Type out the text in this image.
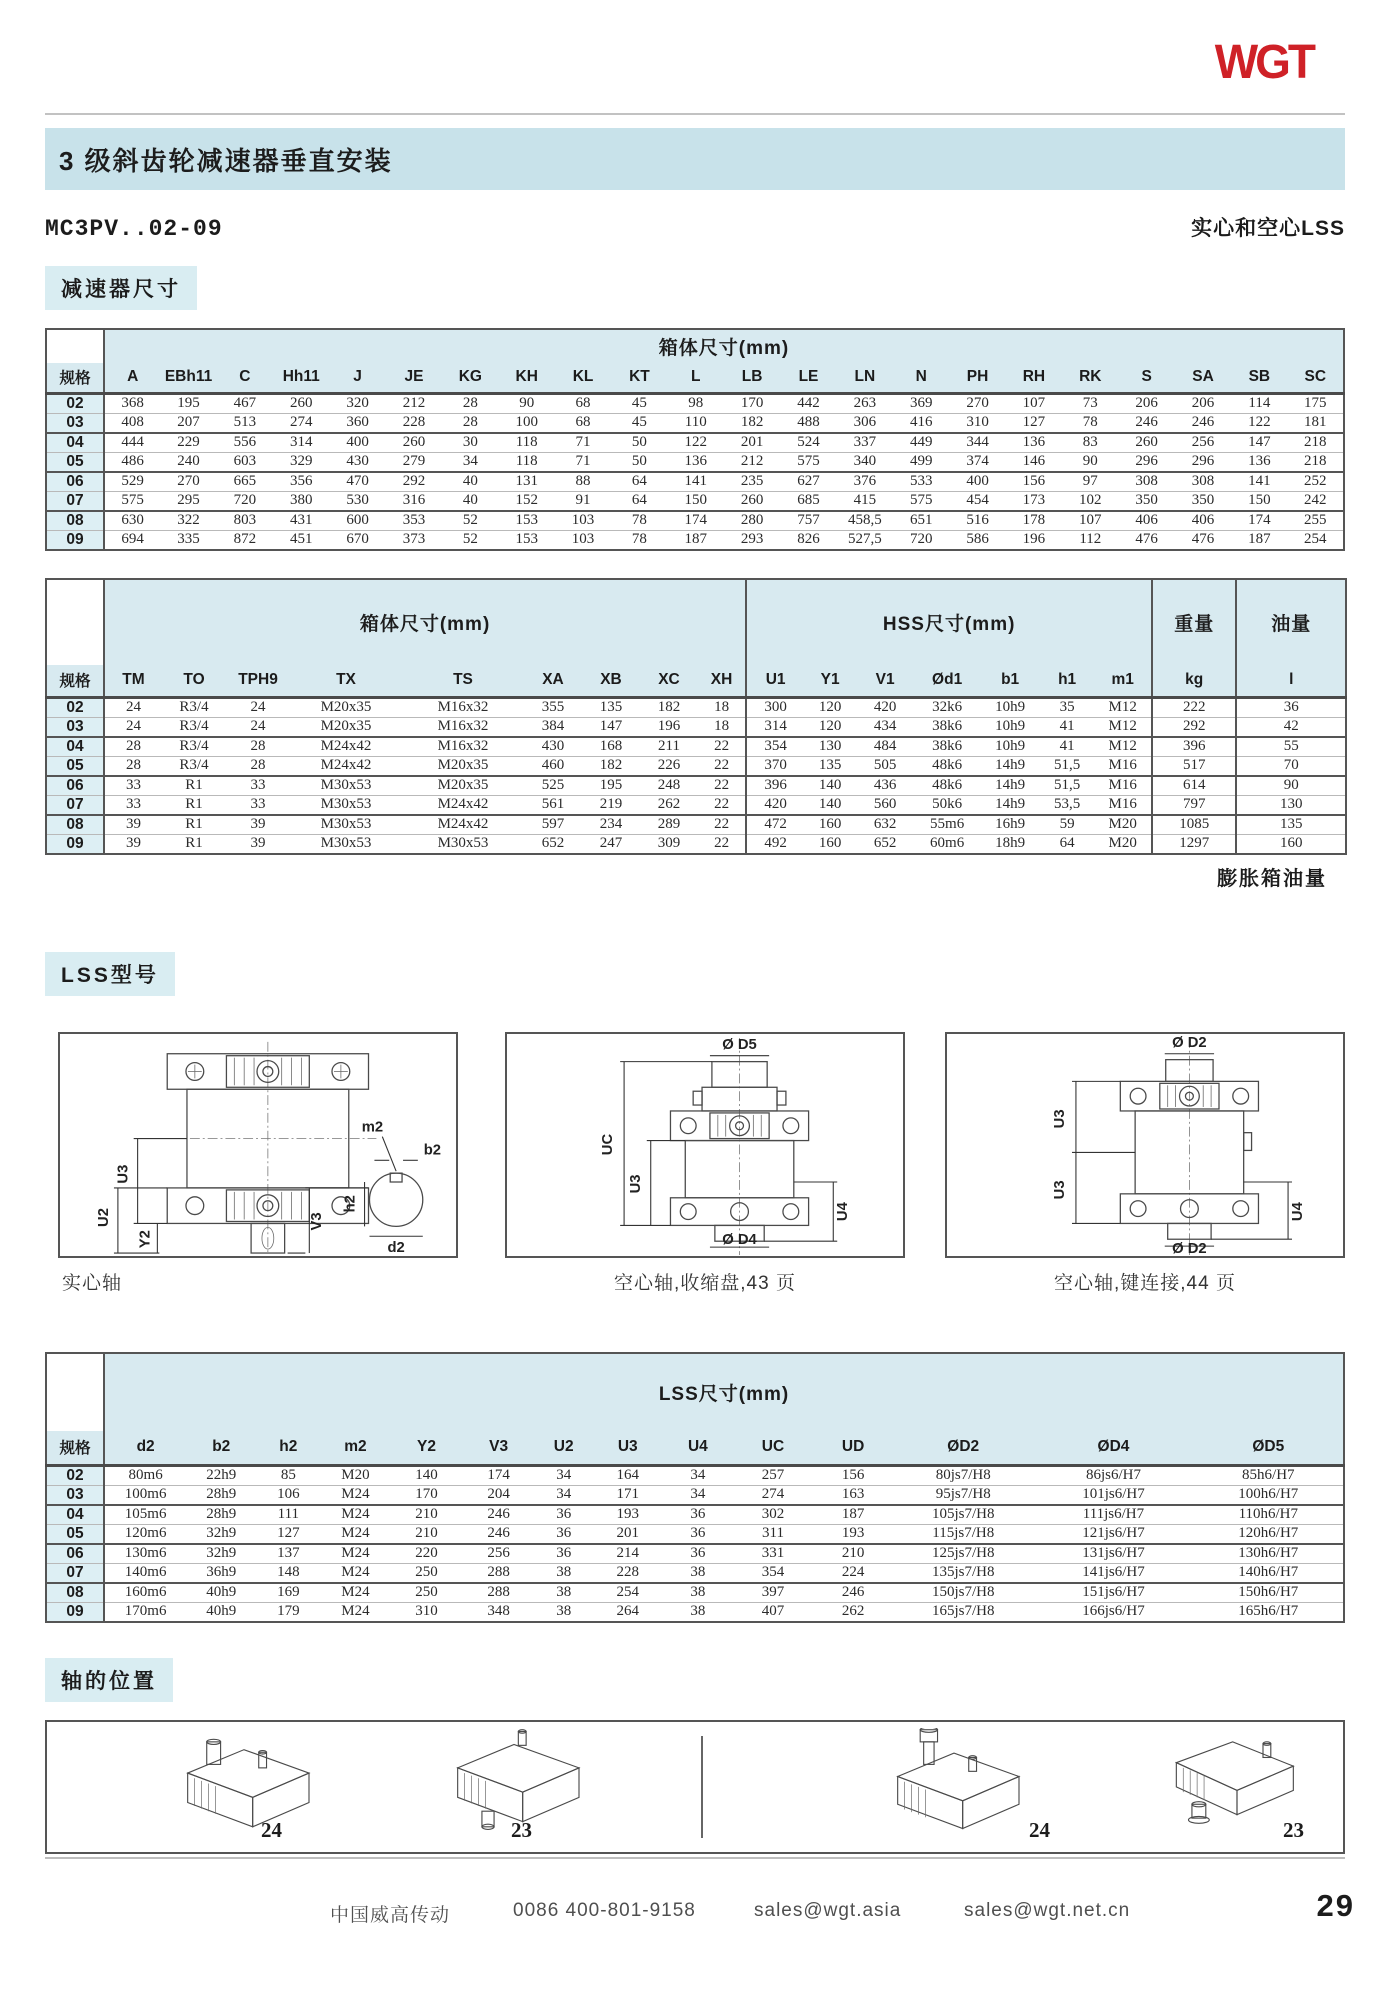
WGT
3 级斜齿轮减速器垂直安装
MC3PV..02-09	实心和空心LSS
减速器尺寸
	箱体尺寸(mm)																					
规格	A	EBh11	C	Hh11	J	JE	KG	KH	KL	KT	L	LB	LE	LN	N	PH	RH	RK	S	SA	SB	SC
02	368	195	467	260	320	212	28	90	68	45	98	170	442	263	369	270	107	73	206	206	114	175
03	408	207	513	274	360	228	28	100	68	45	110	182	488	306	416	310	127	78	246	246	122	181
04	444	229	556	314	400	260	30	118	71	50	122	201	524	337	449	344	136	83	260	256	147	218
05	486	240	603	329	430	279	34	118	71	50	136	212	575	340	499	374	146	90	296	296	136	218
06	529	270	665	356	470	292	40	131	88	64	141	235	627	376	533	400	156	97	308	308	141	252
07	575	295	720	380	530	316	40	152	91	64	150	260	685	415	575	454	173	102	350	350	150	242
08	630	322	803	431	600	353	52	153	103	78	174	280	757	458,5	651	516	178	107	406	406	174	255
09	694	335	872	451	670	373	52	153	103	78	187	293	826	527,5	720	586	196	112	476	476	187	254
	箱体尺寸(mm)									HSS尺寸(mm)							重量	油量
规格	TM	TO	TPH9	TX	TS	XA	XB	XC	XH	U1	Y1	V1	Ød1	b1	h1	m1	kg	l
02	24	R3/4	24	M20x35	M16x32	355	135	182	18	300	120	420	32k6	10h9	35	M12	222	36
03	24	R3/4	24	M20x35	M16x32	384	147	196	18	314	120	434	38k6	10h9	41	M12	292	42
04	28	R3/4	28	M24x42	M16x32	430	168	211	22	354	130	484	38k6	10h9	41	M12	396	55
05	28	R3/4	28	M24x42	M20x35	460	182	226	22	370	135	505	48k6	14h9	51,5	M16	517	70
06	33	R1	33	M30x53	M20x35	525	195	248	22	396	140	436	48k6	14h9	51,5	M16	614	90
07	33	R1	33	M30x53	M24x42	561	219	262	22	420	140	560	50k6	14h9	53,5	M16	797	130
08	39	R1	39	M30x53	M24x42	597	234	289	22	472	160	632	55m6	16h9	59	M20	1085	135
09	39	R1	39	M30x53	M30x53	652	247	309	22	492	160	652	60m6	18h9	64	M20	1297	160
膨胀箱油量
LSS型号
U3
U2
Y2
V3
m2
b2
h2
d2
Ø D5
Ø D4
UC
U3
U4
Ø D2
Ø D2
U3
U3
U4
实心轴	空心轴,收缩盘,43 页	空心轴,键连接,44 页
	LSS尺寸(mm)													
规格	d2	b2	h2	m2	Y2	V3	U2	U3	U4	UC	UD	ØD2	ØD4	ØD5
02	80m6	22h9	85	M20	140	174	34	164	34	257	156	80js7/H8	86js6/H7	85h6/H7
03	100m6	28h9	106	M24	170	204	34	171	34	274	163	95js7/H8	101js6/H7	100h6/H7
04	105m6	28h9	111	M24	210	246	36	193	36	302	187	105js7/H8	111js6/H7	110h6/H7
05	120m6	32h9	127	M24	210	246	36	201	36	311	193	115js7/H8	121js6/H7	120h6/H7
06	130m6	32h9	137	M24	220	256	36	214	36	331	210	125js7/H8	131js6/H7	130h6/H7
07	140m6	36h9	148	M24	250	288	38	228	38	354	224	135js7/H8	141js6/H7	140h6/H7
08	160m6	40h9	169	M24	250	288	38	254	38	397	246	150js7/H8	151js6/H7	150h6/H7
09	170m6	40h9	179	M24	310	348	38	264	38	407	262	165js7/H8	166js6/H7	165h6/H7
轴的位置
24	23	24	23
中国威高传动	0086 400-801-9158	sales@wgt.asia	sales@wgt.net.cn	29
